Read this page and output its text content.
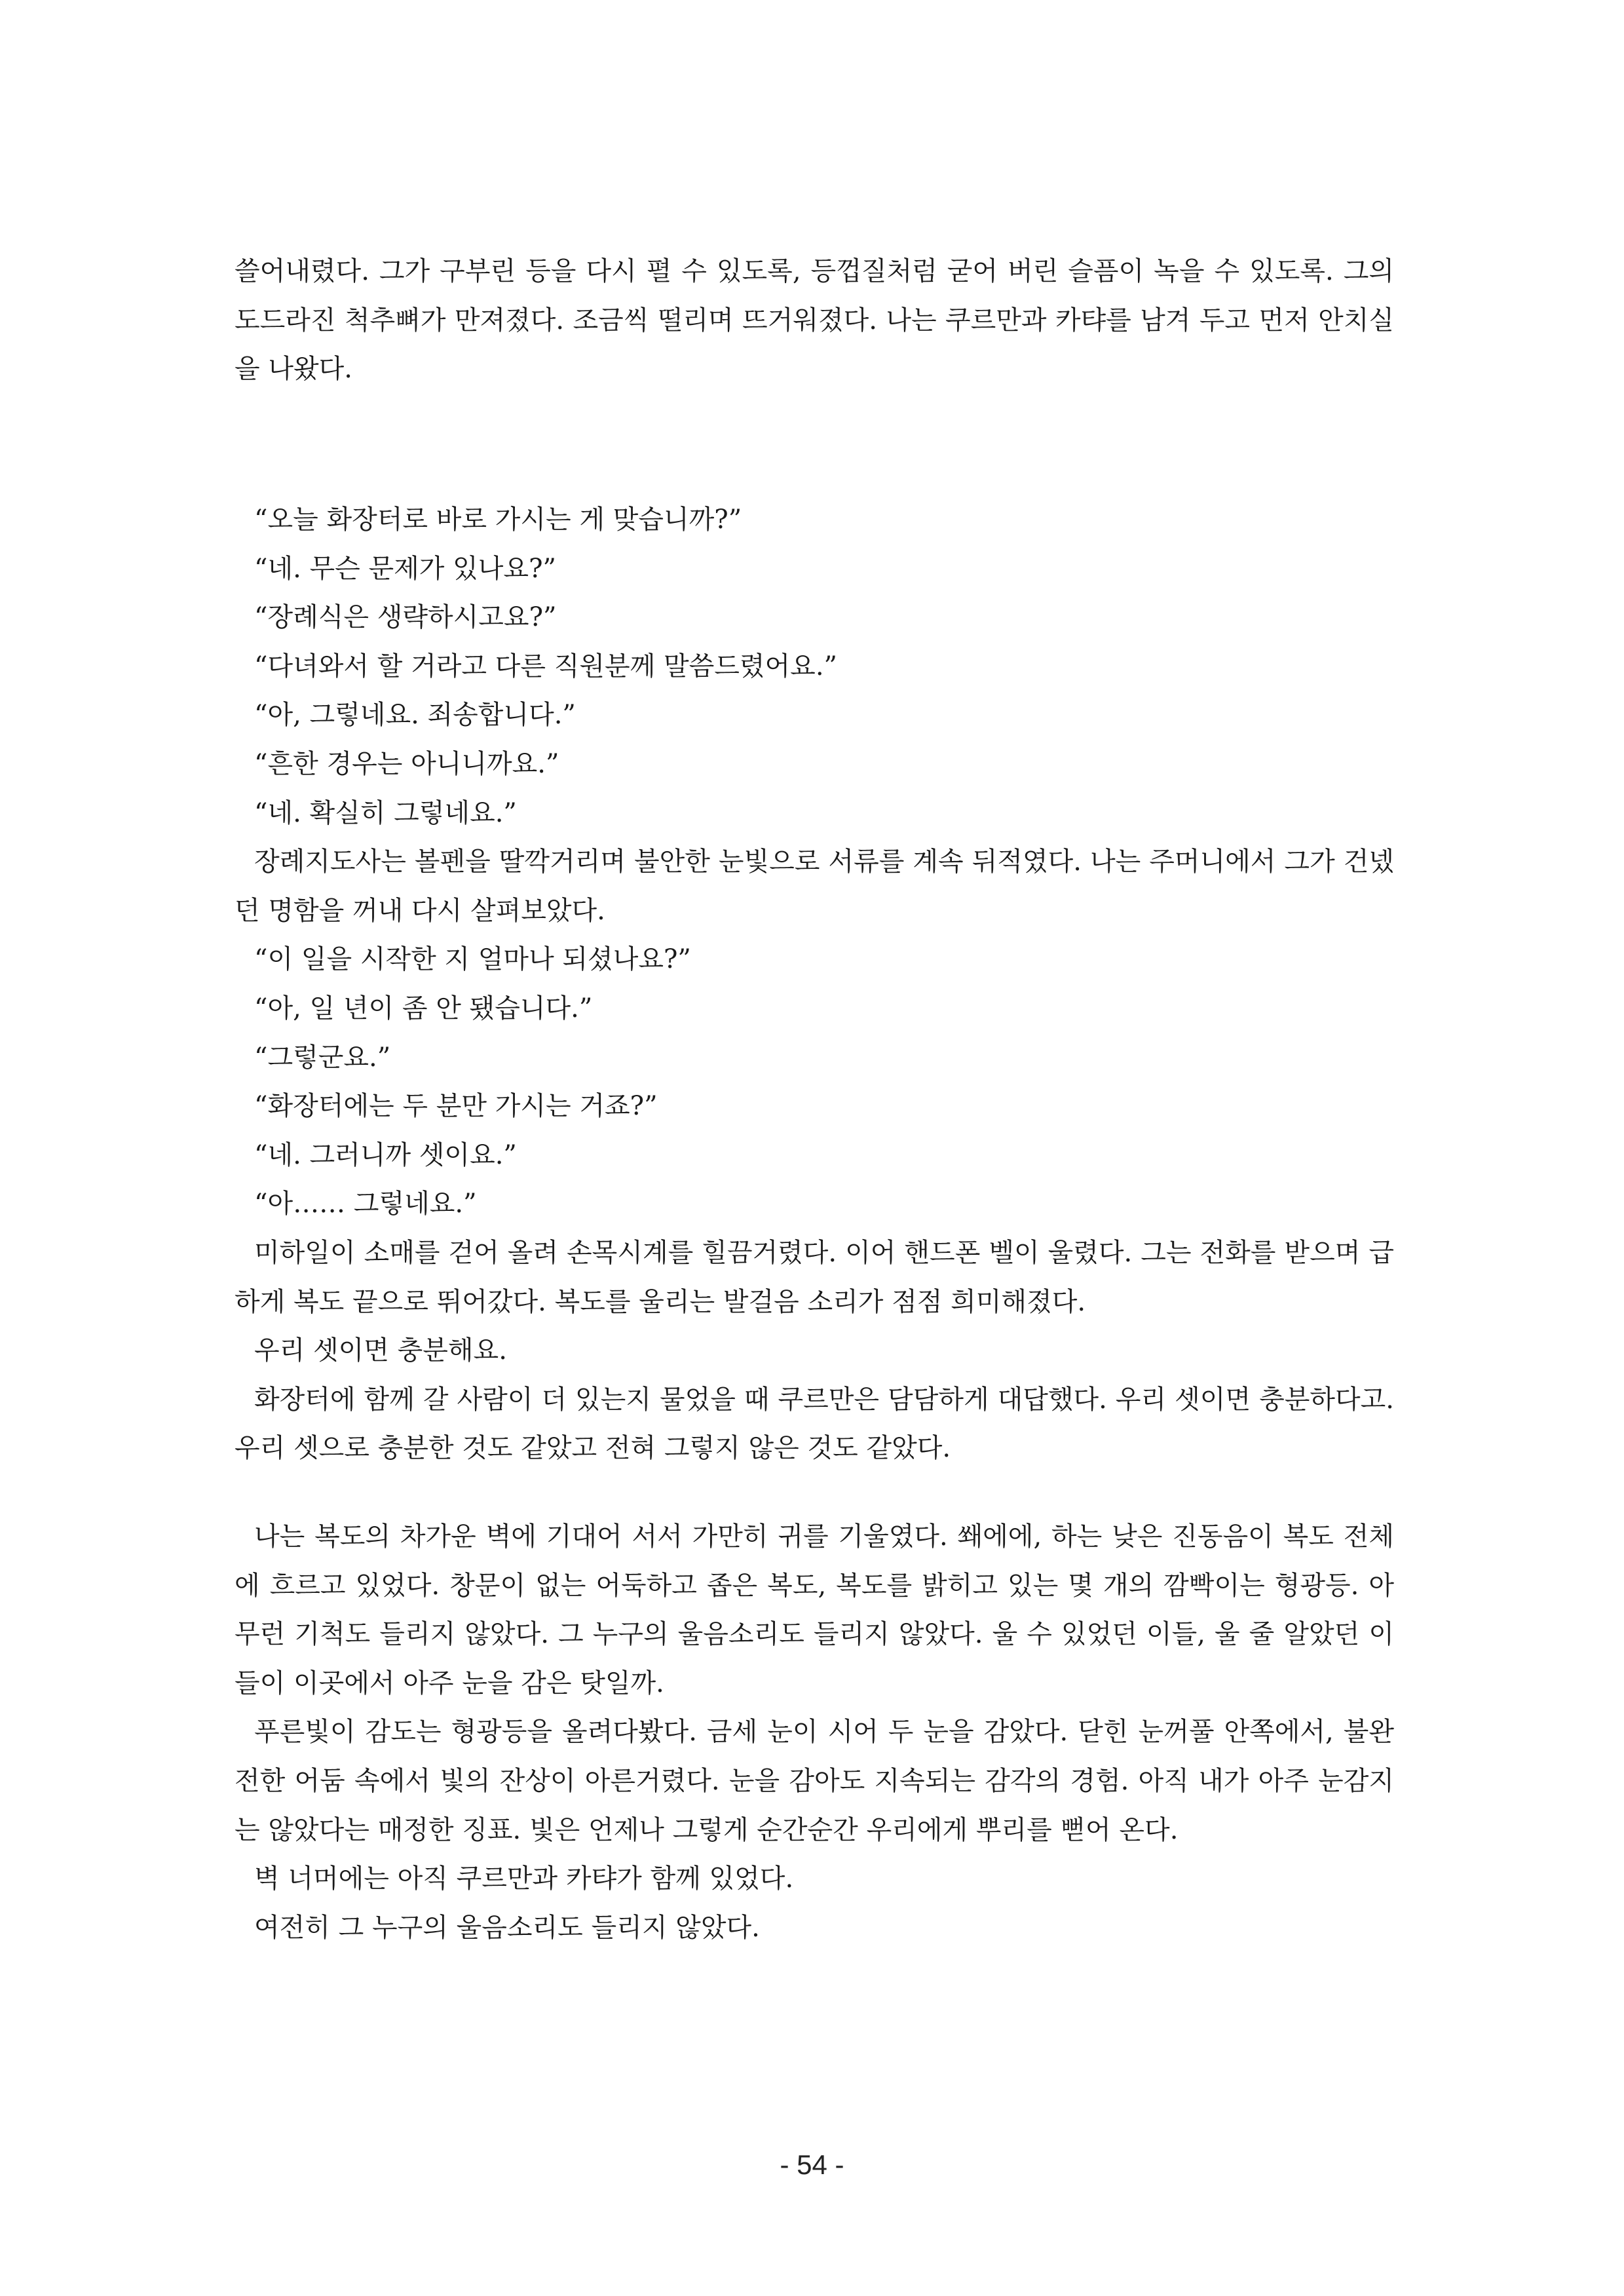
쓸어내렸다. 그가 구부린 등을 다시 펼 수 있도록, 등껍질처럼 굳어 버린 슬픔이 녹을 수 있도록. 그의 도드라진 척추뼈가 만져졌다. 조금씩 떨리며 뜨거워졌다. 나는 쿠르만과 카탸를 남겨 두고 먼저 안치실을 나왔다.

“오늘 화장터로 바로 가시는 게 맞습니까?”

“네. 무슨 문제가 있나요?”

“장례식은 생략하시고요?”

“다녀와서 할 거라고 다른 직원분께 말씀드렸어요.”

“아, 그렇네요. 죄송합니다.”

“흔한 경우는 아니니까요.”

“네. 확실히 그렇네요.”

장례지도사는 볼펜을 딸깍거리며 불안한 눈빛으로 서류를 계속 뒤적였다. 나는 주머니에서 그가 건넸던 명함을 꺼내 다시 살펴보았다.

“이 일을 시작한 지 얼마나 되셨나요?”

“아, 일 년이 좀 안 됐습니다.”

“그렇군요.”

“화장터에는 두 분만 가시는 거죠?”

“네. 그러니까 셋이요.”

“아…… 그렇네요.”

미하일이 소매를 걷어 올려 손목시계를 힐끔거렸다. 이어 핸드폰 벨이 울렸다. 그는 전화를 받으며 급하게 복도 끝으로 뛰어갔다. 복도를 울리는 발걸음 소리가 점점 희미해졌다.

우리 셋이면 충분해요.

화장터에 함께 갈 사람이 더 있는지 물었을 때 쿠르만은 담담하게 대답했다. 우리 셋이면 충분하다고. 우리 셋으로 충분한 것도 같았고 전혀 그렇지 않은 것도 같았다.

나는 복도의 차가운 벽에 기대어 서서 가만히 귀를 기울였다. 쐐에에, 하는 낮은 진동음이 복도 전체에 흐르고 있었다. 창문이 없는 어둑하고 좁은 복도, 복도를 밝히고 있는 몇 개의 깜빡이는 형광등. 아무런 기척도 들리지 않았다. 그 누구의 울음소리도 들리지 않았다. 울 수 있었던 이들, 울 줄 알았던 이들이 이곳에서 아주 눈을 감은 탓일까.

푸른빛이 감도는 형광등을 올려다봤다. 금세 눈이 시어 두 눈을 감았다. 닫힌 눈꺼풀 안쪽에서, 불완전한 어둠 속에서 빛의 잔상이 아른거렸다. 눈을 감아도 지속되는 감각의 경험. 아직 내가 아주 눈감지는 않았다는 매정한 징표. 빛은 언제나 그렇게 순간순간 우리에게 뿌리를 뻗어 온다.

벽 너머에는 아직 쿠르만과 카탸가 함께 있었다.

여전히 그 누구의 울음소리도 들리지 않았다.

- 54 -
